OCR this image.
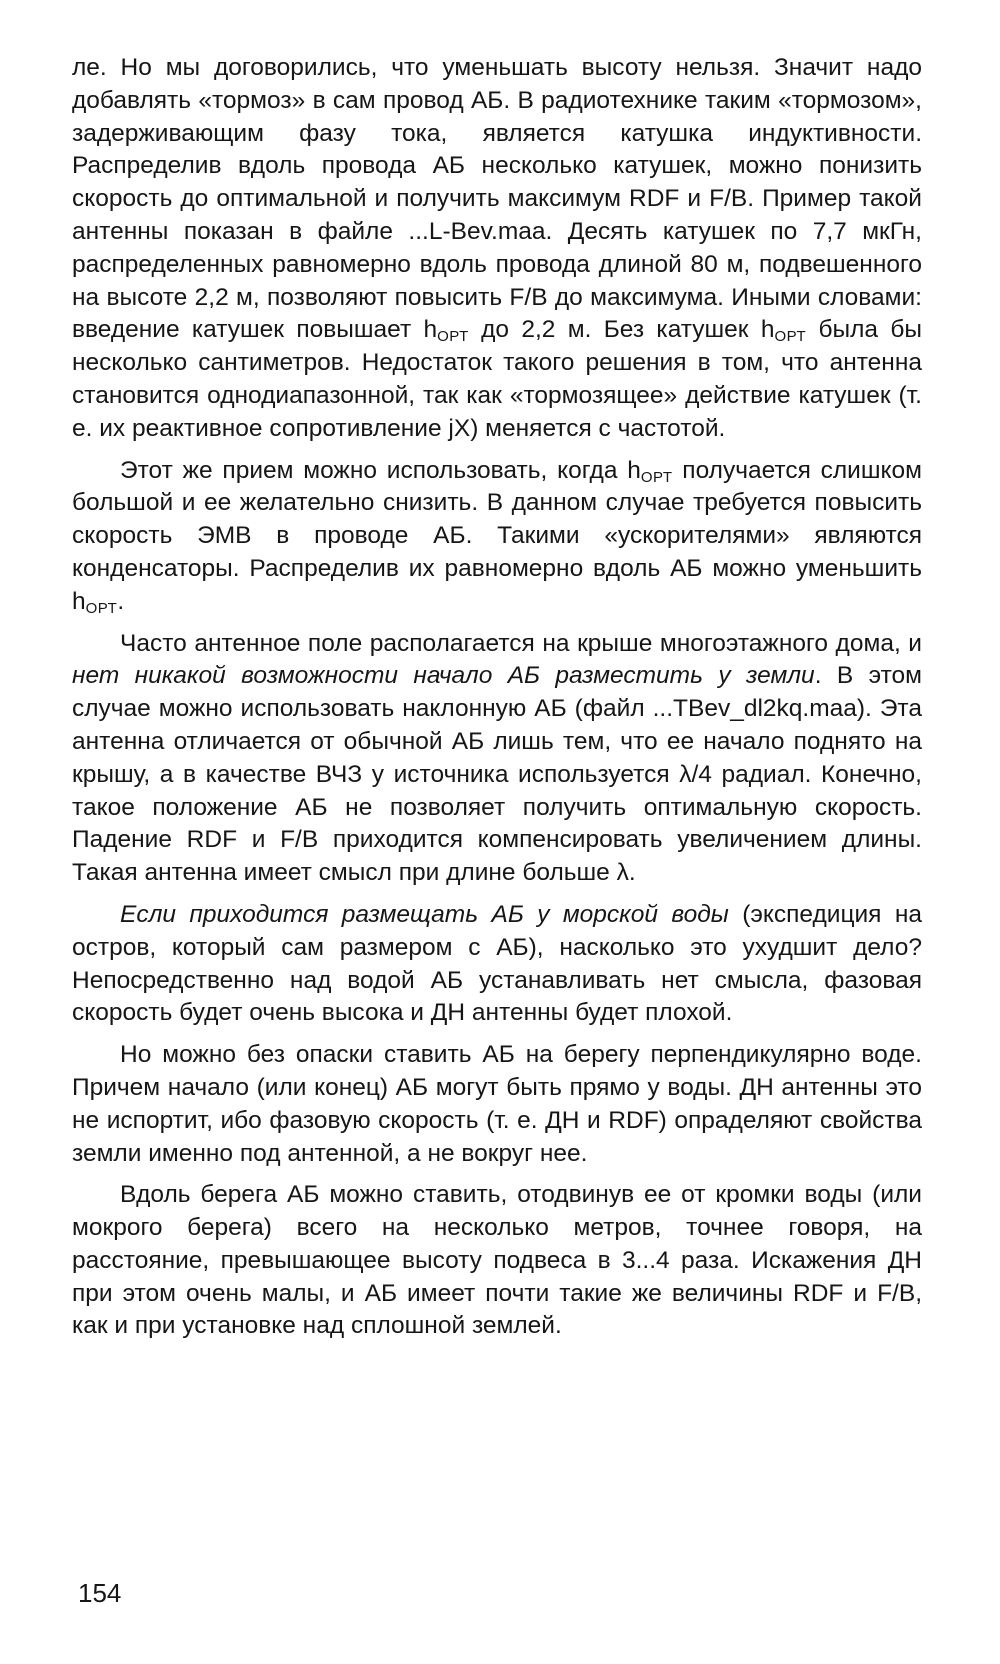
ле. Но мы договорились, что уменьшать высоту нельзя. Значит надо добавлять «тормоз» в сам провод АБ. В радиотехнике таким «тормозом», задерживающим фазу тока, является катушка индуктивности. Распределив вдоль провода АБ несколько катушек, можно понизить скорость до оптимальной и получить максимум RDF и F/B. Пример такой антенны показан в файле ...L-Bev.maa. Десять катушек по 7,7 мкГн, распределенных равномерно вдоль провода длиной 80 м, подвешенного на высоте 2,2 м, позволяют повысить F/B до максимума. Иными словами: введение катушек повышает $h_{ОРТ}$ до 2,2 м. Без катушек $h_{ОРТ}$ была бы несколько сантиметров. Недостаток такого решения в том, что антенна становится однодиапазонной, так как «тормозящее» действие катушек (т. е. их реактивное сопротивление jX) меняется с частотой.

Этот же прием можно использовать, когда $h_{ОРТ}$ получается слишком большой и ее желательно снизить. В данном случае требуется повысить скорость ЭМВ в проводе АБ. Такими «ускорителями» являются конденсаторы. Распределив их равномерно вдоль АБ можно уменьшить $h_{ОРТ}$.

Часто антенное поле располагается на крыше многоэтажного дома, и нет никакой возможности начало АБ разместить у земли. В этом случае можно использовать наклонную АБ (файл ...TBev_dl2kq.maa). Эта антенна отличается от обычной АБ лишь тем, что ее начало поднято на крышу, а в качестве ВЧЗ у источника используется λ/4 радиал. Конечно, такое положение АБ не позволяет получить оптимальную скорость. Падение RDF и F/B приходится компенсировать увеличением длины. Такая антенна имеет смысл при длине больше λ.

Если приходится размещать АБ у морской воды (экспедиция на остров, который сам размером с АБ), насколько это ухудшит дело? Непосредственно над водой АБ устанавливать нет смысла, фазовая скорость будет очень высока и ДН антенны будет плохой.

Но можно без опаски ставить АБ на берегу перпендикулярно воде. Причем начало (или конец) АБ могут быть прямо у воды. ДН антенны это не испортит, ибо фазовую скорость (т. е. ДН и RDF) опраделяют свойства земли именно под антенной, а не вокруг нее.

Вдоль берега АБ можно ставить, отодвинув ее от кромки воды (или мокрого берега) всего на несколько метров, точнее говоря, на расстояние, превышающее высоту подвеса в 3...4 раза. Искажения ДН при этом очень малы, и АБ имеет почти такие же величины RDF и F/B, как и при установке над сплошной землей.

154
